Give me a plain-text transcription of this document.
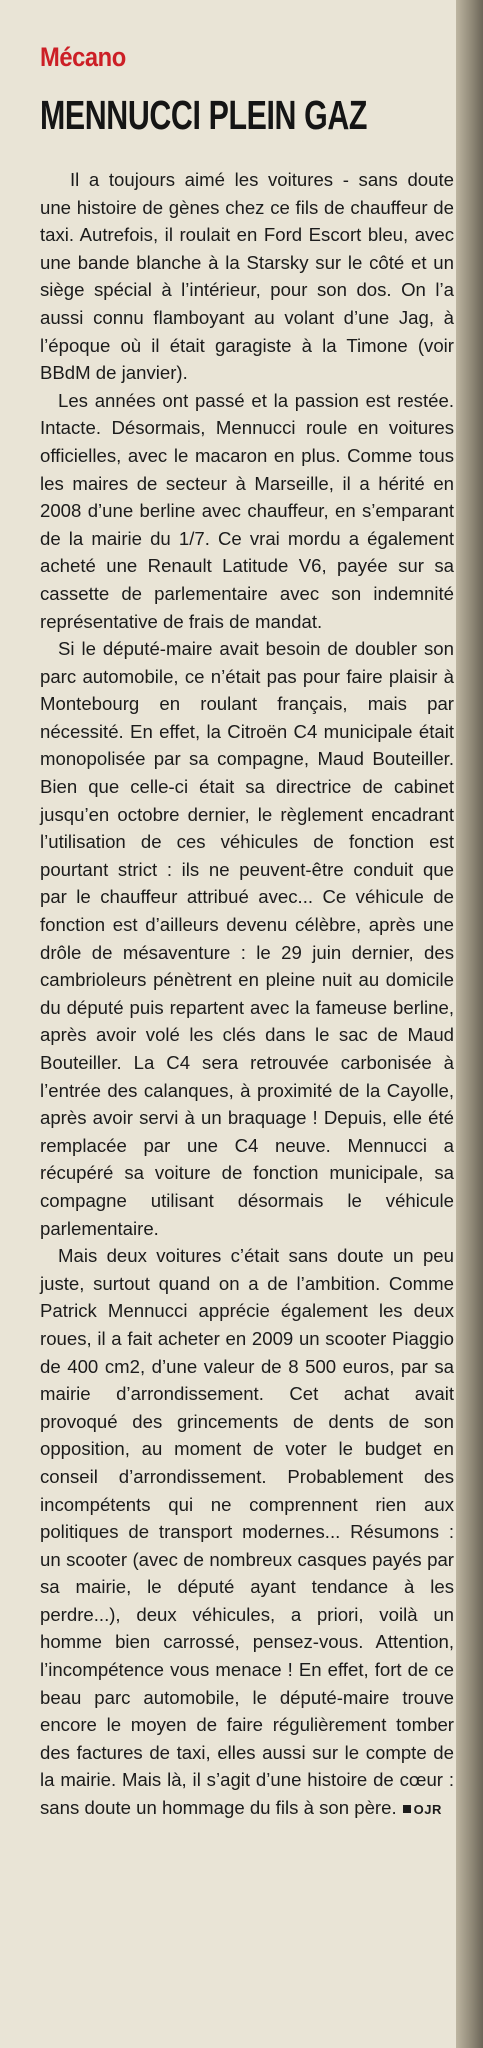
Mécano
MENNUCCI PLEIN GAZ

Il a toujours aimé les voitures - sans doute une histoire de gènes chez ce fils de chauffeur de taxi. Autrefois, il roulait en Ford Escort bleu, avec une bande blanche à la Starsky sur le côté et un siège spécial à l’intérieur, pour son dos. On l’a aussi connu flamboyant au volant d’une Jag, à l’époque où il était garagiste à la Timone (voir BBdM de janvier).

Les années ont passé et la passion est restée. Intacte. Désormais, Mennucci roule en voitures officielles, avec le macaron en plus. Comme tous les maires de secteur à Marseille, il a hérité en 2008 d’une berline avec chauffeur, en s’emparant de la mairie du 1/7. Ce vrai mordu a également acheté une Renault Latitude V6, payée sur sa cassette de parlementaire avec son indemnité représentative de frais de mandat.

Si le député-maire avait besoin de doubler son parc automobile, ce n’était pas pour faire plaisir à Montebourg en roulant français, mais par nécessité. En effet, la Citroën C4 municipale était monopolisée par sa compagne, Maud Bouteiller. Bien que celle-ci était sa directrice de cabinet jusqu’en octobre dernier, le règlement encadrant l’utilisation de ces véhicules de fonction est pourtant strict : ils ne peuvent-être conduit que par le chauffeur attribué avec... Ce véhicule de fonction est d’ailleurs devenu célèbre, après une drôle de mésaventure : le 29 juin dernier, des cambrioleurs pénètrent en pleine nuit au domicile du député puis repartent avec la fameuse berline, après avoir volé les clés dans le sac de Maud Bouteiller. La C4 sera retrouvée carbonisée à l’entrée des calanques, à proximité de la Cayolle, après avoir servi à un braquage ! Depuis, elle été remplacée par une C4 neuve. Mennucci a récupéré sa voiture de fonction municipale, sa compagne utilisant désormais le véhicule parlementaire.

Mais deux voitures c’était sans doute un peu juste, surtout quand on a de l’ambition. Comme Patrick Mennucci apprécie également les deux roues, il a fait acheter en 2009 un scooter Piaggio de 400 cm2, d’une valeur de 8 500 euros, par sa mairie d’arrondissement. Cet achat avait provoqué des grincements de dents de son opposition, au moment de voter le budget en conseil d’arrondissement. Probablement des incompétents qui ne comprennent rien aux politiques de transport modernes... Résumons : un scooter (avec de nombreux casques payés par sa mairie, le député ayant tendance à les perdre...), deux véhicules, a priori, voilà un homme bien carrossé, pensez-vous. Attention, l’incompétence vous menace ! En effet, fort de ce beau parc automobile, le député-maire trouve encore le moyen de faire régulièrement tomber des factures de taxi, elles aussi sur le compte de la mairie. Mais là, il s’agit d’une histoire de cœur : sans doute un hommage du fils à son père. OJR
